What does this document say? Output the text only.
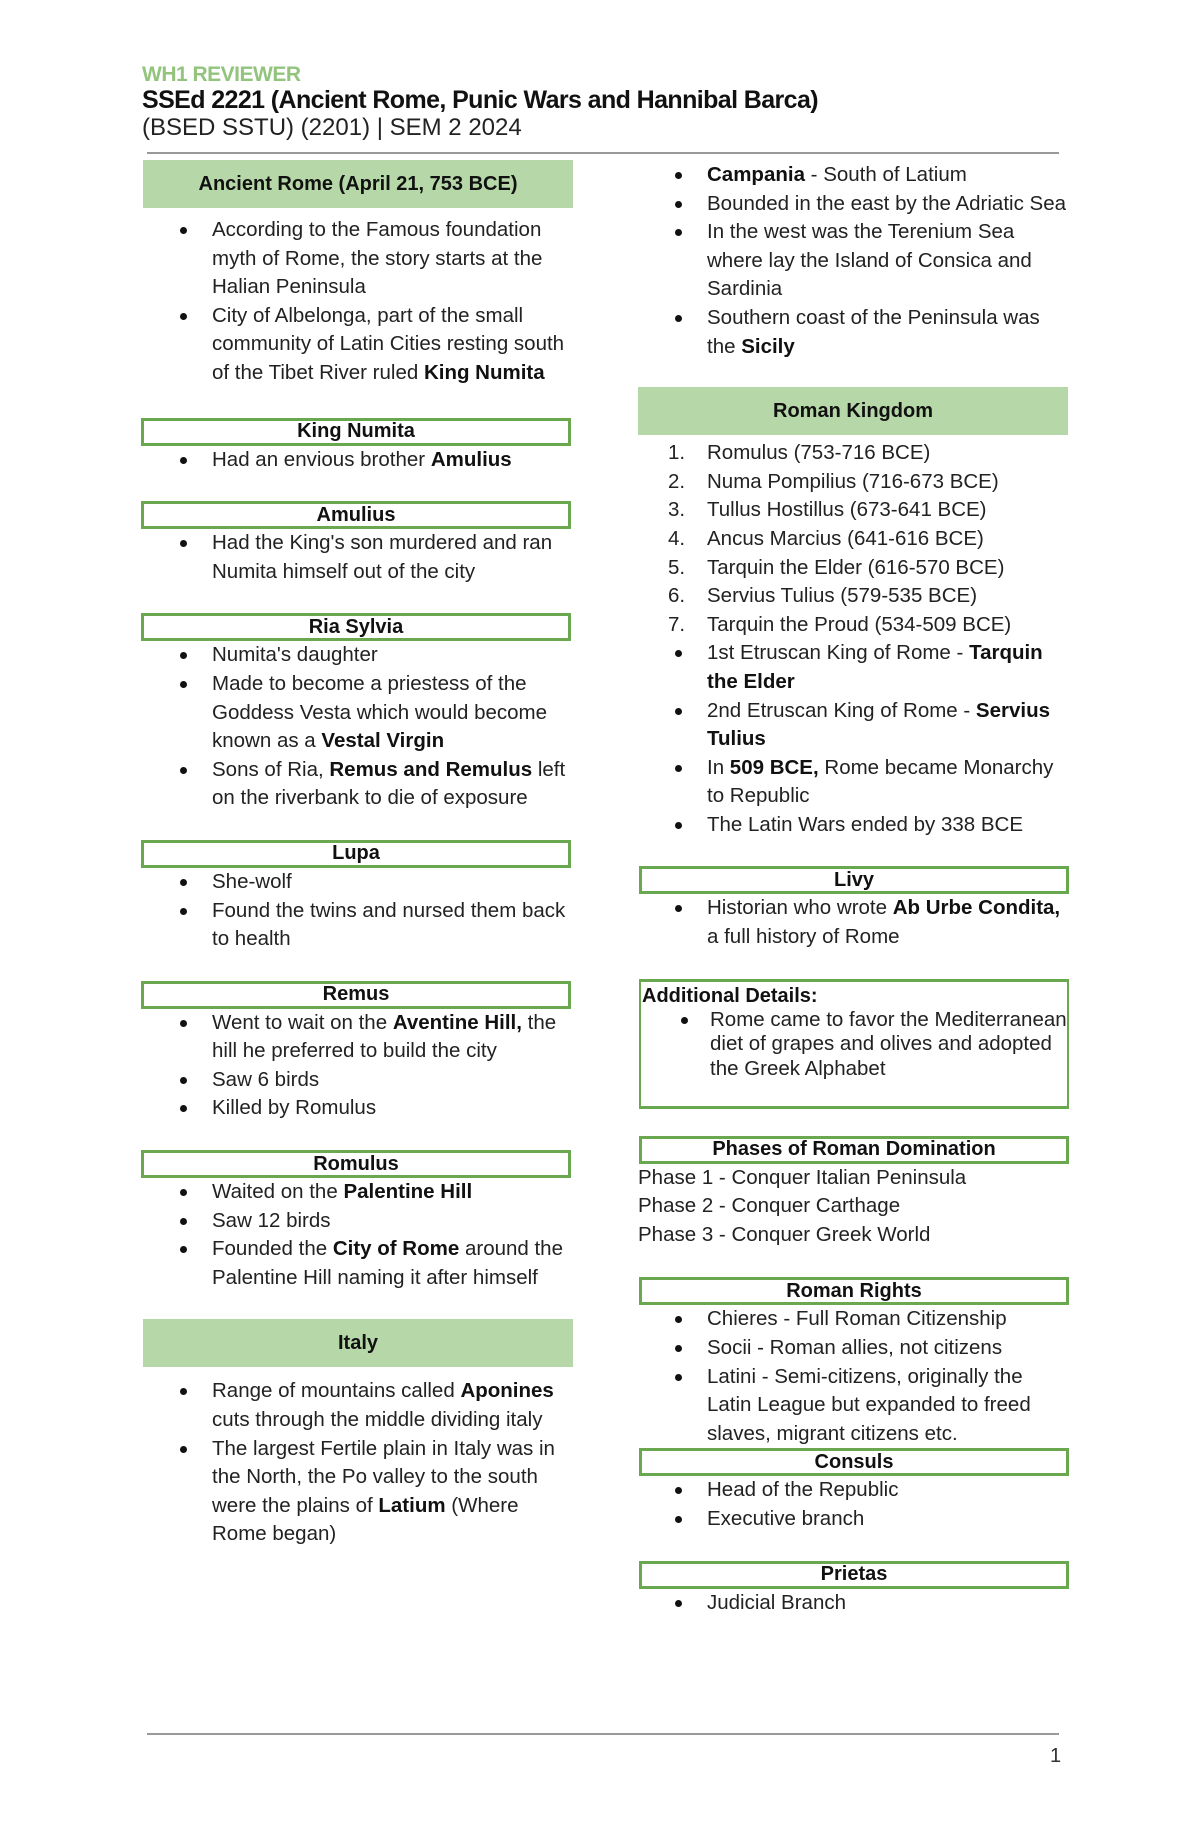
WH1 REVIEWER
SSEd 2221 (Ancient Rome, Punic Wars and Hannibal Barca)
(BSED SSTU) (2201) | SEM 2 2024
Ancient Rome (April 21, 753 BCE)
According to the Famous foundation myth of Rome, the story starts at the Halian Peninsula
City of Albelonga, part of the small community of Latin Cities resting south of the Tibet River ruled King Numita
King Numita
Had an envious brother Amulius
Amulius
Had the King's son murdered and ran Numita himself out of the city
Ria Sylvia
Numita's daughter
Made to become a priestess of the Goddess Vesta which would become known as a Vestal Virgin
Sons of Ria, Remus and Remulus left on the riverbank to die of exposure
Lupa
She-wolf
Found the twins and nursed them back to health
Remus
Went to wait on the Aventine Hill, the hill he preferred to build the city
Saw 6 birds
Killed by Romulus
Romulus
Waited on the Palentine Hill
Saw 12 birds
Founded the City of Rome around the Palentine Hill naming it after himself
Italy
Range of mountains called Aponines cuts through the middle dividing italy
The largest Fertile plain in Italy was in the North, the Po valley to the south were the plains of Latium (Where Rome began)
Campania - South of Latium
Bounded in the east by the Adriatic Sea
In the west was the Terenium Sea where lay the Island of Consica and Sardinia
Southern coast of the Peninsula was the Sicily
Roman Kingdom
1. Romulus (753-716 BCE)
2. Numa Pompilius (716-673 BCE)
3. Tullus Hostillus (673-641 BCE)
4. Ancus Marcius (641-616 BCE)
5. Tarquin the Elder (616-570 BCE)
6. Servius Tulius (579-535 BCE)
7. Tarquin the Proud (534-509 BCE)
1st Etruscan King of Rome - Tarquin the Elder
2nd Etruscan King of Rome - Servius Tulius
In 509 BCE, Rome became Monarchy to Republic
The Latin Wars ended by 338 BCE
Livy
Historian who wrote Ab Urbe Condita, a full history of Rome
Additional Details:
Rome came to favor the Mediterranean diet of grapes and olives and adopted the Greek Alphabet
Phases of Roman Domination

Phase 1 - Conquer Italian Peninsula

Phase 2 - Conquer Carthage

Phase 3 - Conquer Greek World

Roman Rights
Chieres - Full Roman Citizenship
Socii - Roman allies, not citizens
Latini - Semi-citizens, originally the Latin League but expanded to freed slaves, migrant citizens etc.
Consuls
Head of the Republic
Executive branch
Prietas
Judicial Branch
1
